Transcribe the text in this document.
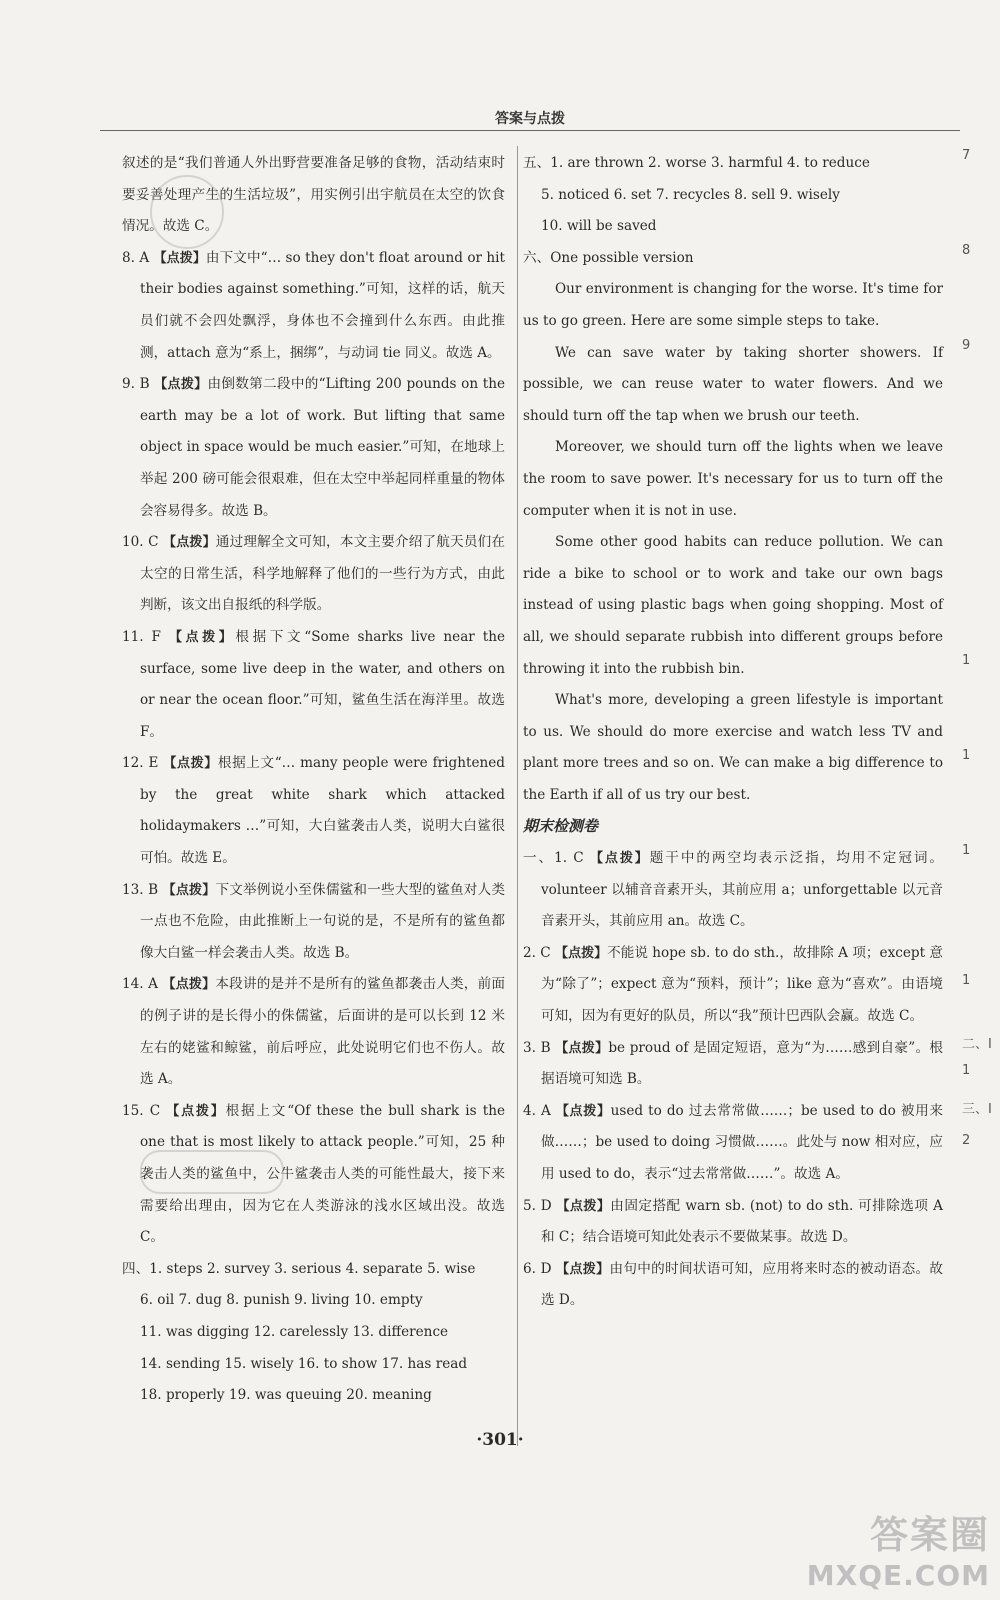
答案与点拨

叙述的是“我们普通人外出野营要准备足够的食物，活动结束时要妥善处理产生的生活垃圾”，用实例引出宇航员在太空的饮食情况。故选 C。

8. A 【点拨】由下文中“… so they don't float around or hit their bodies against something.”可知，这样的话，航天员们就不会四处飘浮，身体也不会撞到什么东西。由此推测，attach 意为“系上，捆绑”，与动词 tie 同义。故选 A。

9. B 【点拨】由倒数第二段中的“Lifting 200 pounds on the earth may be a lot of work. But lifting that same object in space would be much easier.”可知，在地球上举起 200 磅可能会很艰难，但在太空中举起同样重量的物体会容易得多。故选 B。

10. C 【点拨】通过理解全文可知，本文主要介绍了航天员们在太空的日常生活，科学地解释了他们的一些行为方式，由此判断，该文出自报纸的科学版。

11. F 【点拨】根据下文“Some sharks live near the surface, some live deep in the water, and others on or near the ocean floor.”可知，鲨鱼生活在海洋里。故选 F。

12. E 【点拨】根据上文“… many people were frightened by the great white shark which attacked holidaymakers …”可知，大白鲨袭击人类，说明大白鲨很可怕。故选 E。

13. B 【点拨】下文举例说小至侏儒鲨和一些大型的鲨鱼对人类一点也不危险，由此推断上一句说的是，不是所有的鲨鱼都像大白鲨一样会袭击人类。故选 B。

14. A 【点拨】本段讲的是并不是所有的鲨鱼都袭击人类，前面的例子讲的是长得小的侏儒鲨，后面讲的是可以长到 12 米左右的姥鲨和鲸鲨，前后呼应，此处说明它们也不伤人。故选 A。

15. C 【点拨】根据上文“Of these the bull shark is the one that is most likely to attack people.”可知，25 种袭击人类的鲨鱼中，公牛鲨袭击人类的可能性最大，接下来需要给出理由，因为它在人类游泳的浅水区域出没。故选 C。

四、1. steps 2. survey 3. serious 4. separate 5. wise

6. oil 7. dug 8. punish 9. living 10. empty

11. was digging 12. carelessly 13. difference

14. sending 15. wisely 16. to show 17. has read

18. properly 19. was queuing 20. meaning

五、1. are thrown 2. worse 3. harmful 4. to reduce

5. noticed 6. set 7. recycles 8. sell 9. wisely

10. will be saved

六、One possible version

Our environment is changing for the worse. It's time for us to go green. Here are some simple steps to take.

We can save water by taking shorter showers. If possible, we can reuse water to water flowers. And we should turn off the tap when we brush our teeth.

Moreover, we should turn off the lights when we leave the room to save power. It's necessary for us to turn off the computer when it is not in use.

Some other good habits can reduce pollution. We can ride a bike to school or to work and take our own bags instead of using plastic bags when going shopping. Most of all, we should separate rubbish into different groups before throwing it into the rubbish bin.

What's more, developing a green lifestyle is important to us. We should do more exercise and watch less TV and plant more trees and so on. We can make a big difference to the Earth if all of us try our best.

期末检测卷

一、1. C 【点拨】题干中的两空均表示泛指，均用不定冠词。volunteer 以辅音音素开头，其前应用 a；unforgettable 以元音音素开头，其前应用 an。故选 C。

2. C 【点拨】不能说 hope sb. to do sth.，故排除 A 项；except 意为“除了”；expect 意为“预料，预计”；like 意为“喜欢”。由语境可知，因为有更好的队员，所以“我”预计巴西队会赢。故选 C。

3. B 【点拨】be proud of 是固定短语，意为“为……感到自豪”。根据语境可知选 B。

4. A 【点拨】used to do 过去常常做……；be used to do 被用来做……；be used to doing 习惯做……。此处与 now 相对应，应用 used to do，表示“过去常常做……”。故选 A。

5. D 【点拨】由固定搭配 warn sb. (not) to do sth. 可排除选项 A 和 C；结合语境可知此处表示不要做某事。故选 D。

6. D 【点拨】由句中的时间状语可知，应用将来时态的被动语态。故选 D。

·301·
7
8
9
1
1
1
1
二、I
1
三、I
2
答案圈
MXQE.COM
